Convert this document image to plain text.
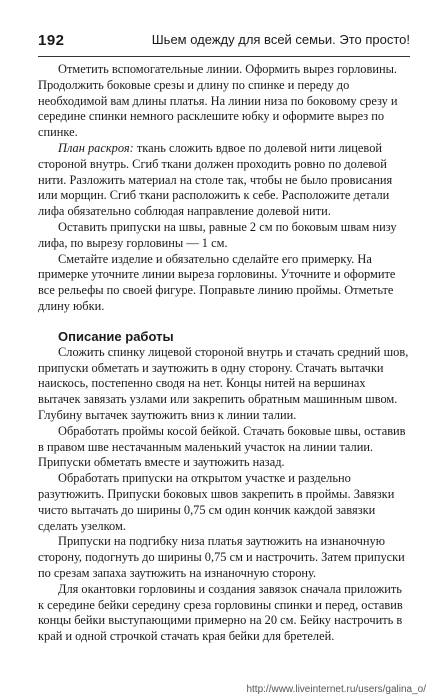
192	Шьем одежду для всей семьи. Это просто!

Отметить вспомогательные линии. Оформить вырез горловины. Продолжить боковые срезы и длину по спинке и переду до необходимой вам длины платья. На линии низа по боковому срезу и середине спинки немного расклешите юбку и оформите вырез по спинке.

План раскроя: ткань сложить вдвое по долевой нити лицевой стороной внутрь. Сгиб ткани должен проходить ровно по долевой нити. Разложить материал на столе так, чтобы не было провисания или морщин. Сгиб ткани расположить к себе. Расположите детали лифа обязательно соблюдая направление долевой нити.

Оставить припуски на швы, равные 2 см по боковым швам низу лифа, по вырезу горловины — 1 см.

Сметайте изделие и обязательно сделайте его примерку. На примерке уточните линии выреза горловины. Уточните и оформите все рельефы по своей фигуре. Поправьте линию проймы. Отметьте длину юбки.

Описание работы

Сложить спинку лицевой стороной внутрь и стачать средний шов, припуски обметать и заутюжить в одну сторону. Стачать вытачки наискось, постепенно сводя на нет. Концы нитей на вершинах вытачек завязать узлами или закрепить обратным машинным швом. Глубину вытачек заутюжить вниз к линии талии.

Обработать проймы косой бейкой. Стачать боковые швы, оставив в правом шве нестачанным маленький участок на линии талии. Припуски обметать вместе и заутюжить назад.

Обработать припуски на открытом участке и раздельно разутюжить. Припуски боковых швов закрепить в проймы. Завязки чисто вытачать до ширины 0,75 см один кончик каждой завязки сделать узелком.

Припуски на подгибку низа платья заутюжить на изнаночную сторону, подогнуть до ширины 0,75 см и настрочить. Затем припуски по срезам запаха заутюжить на изнаночную сторону.

Для окантовки горловины и создания завязок сначала приложить к середине бейки середину среза горловины спинки и перед, оставив концы бейки выступающими примерно на 20 см. Бейку настрочить в край и одной строчкой стачать края бейки для бретелей.

http://www.liveinternet.ru/users/galina_o/
